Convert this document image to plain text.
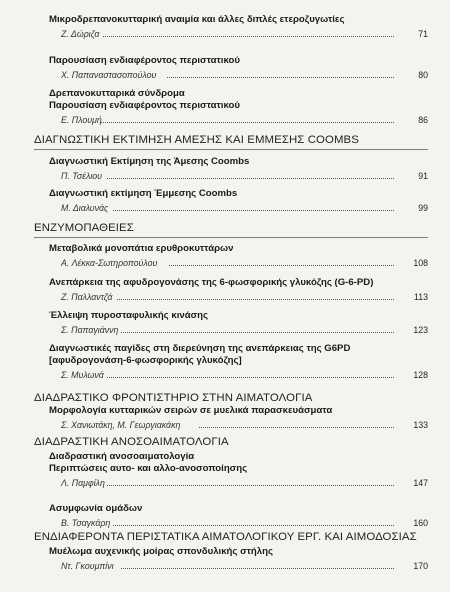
Μικροδρεπανοκυτταρική αναιμία και άλλες διπλές ετεροζυγωτίες
Ζ. Δώριζα	71
Παρουσίαση ενδιαφέροντος περιστατικού
Χ. Παπαναστασοπούλου	80
Δρεπανοκυτταρικά σύνδρομα
Παρουσίαση ενδιαφέροντος περιστατικού
Ε. Πλουμή	86
ΔΙΑΓΝΩΣΤΙΚΗ ΕΚΤΙΜΗΣΗ ΑΜΕΣΗΣ ΚΑΙ ΕΜΜΕΣΗΣ COOMBS
Διαγνωστική Εκτίμηση της Άμεσης Coombs
Π. Τσέλιου	91
Διαγνωστική εκτίμηση Έμμεσης Coombs
Μ. Διαλυνάς	99
ΕΝΖΥΜΟΠΑΘΕΙΕΣ
Μεταβολικά μονοπάτια ερυθροκυττάρων
Α. Λέκκα-Σωτηροπούλου	108
Ανεπάρκεια της αφυδρογονάσης της 6-φωσφορικής γλυκόζης (G-6-PD)
Ζ. Παλλαντζά	113
Έλλειψη πυροσταφυλικής κινάσης
Σ. Παπαγιάννη	123
Διαγνωστικές παγίδες στη διερεύνηση της ανεπάρκειας της G6PD
[αφυδρογονάση-6-φωσφορικής γλυκόζης]
Σ. Μυλωνά	128
ΔΙΑΔΡΑΣΤΙΚΟ ΦΡΟΝΤΙΣΤΗΡΙΟ ΣΤΗΝ ΑΙΜΑΤΟΛΟΓΙΑ
Μορφολογία κυτταρικών σειρών σε μυελικά παρασκευάσματα
Σ. Χανιωτάκη, Μ. Γεωργιακάκη	133
ΔΙΑΔΡΑΣΤΙΚΗ ΑΝΟΣΟΑΙΜΑΤΟΛΟΓΙΑ
Διαδραστική ανοσοαιματολογία
Περιπτώσεις αυτο- και αλλο-ανοσοποίησης
Λ. Παμφίλη	147
Ασυμφωνία ομάδων
Β. Τσαγκάρη	160
ΕΝΔΙΑΦΕΡΟΝΤΑ ΠΕΡΙΣΤΑΤΙΚΑ ΑΙΜΑΤΟΛΟΓΙΚΟΥ ΕΡΓ. ΚΑΙ ΑΙΜΟΔΟΣΙΑΣ
Μυέλωμα αυχενικής μοίρας σπονδυλικής στήλης
Ντ. Γκουμπίνι	170
